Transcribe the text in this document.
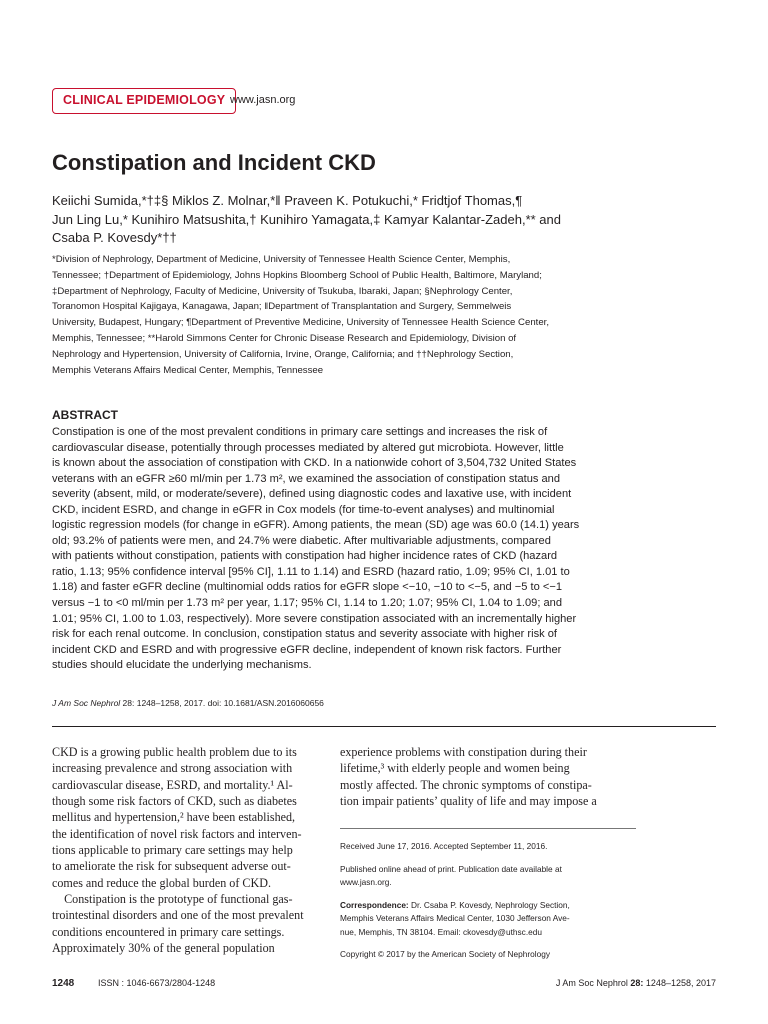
CLINICAL EPIDEMIOLOGY www.jasn.org
Constipation and Incident CKD
Keiichi Sumida,*†‡§ Miklos Z. Molnar,*‖ Praveen K. Potukuchi,* Fridtjof Thomas,¶
Jun Ling Lu,* Kunihiro Matsushita,† Kunihiro Yamagata,‡ Kamyar Kalantar-Zadeh,** and
Csaba P. Kovesdy*††
*Division of Nephrology, Department of Medicine, University of Tennessee Health Science Center, Memphis,
Tennessee; †Department of Epidemiology, Johns Hopkins Bloomberg School of Public Health, Baltimore, Maryland;
‡Department of Nephrology, Faculty of Medicine, University of Tsukuba, Ibaraki, Japan; §Nephrology Center,
Toranomon Hospital Kajigaya, Kanagawa, Japan; ‖Department of Transplantation and Surgery, Semmelweis
University, Budapest, Hungary; ¶Department of Preventive Medicine, University of Tennessee Health Science Center,
Memphis, Tennessee; **Harold Simmons Center for Chronic Disease Research and Epidemiology, Division of
Nephrology and Hypertension, University of California, Irvine, Orange, California; and ††Nephrology Section,
Memphis Veterans Affairs Medical Center, Memphis, Tennessee
ABSTRACT
Constipation is one of the most prevalent conditions in primary care settings and increases the risk of
cardiovascular disease, potentially through processes mediated by altered gut microbiota. However, little
is known about the association of constipation with CKD. In a nationwide cohort of 3,504,732 United States
veterans with an eGFR ≥60 ml/min per 1.73 m², we examined the association of constipation status and
severity (absent, mild, or moderate/severe), defined using diagnostic codes and laxative use, with incident
CKD, incident ESRD, and change in eGFR in Cox models (for time-to-event analyses) and multinomial
logistic regression models (for change in eGFR). Among patients, the mean (SD) age was 60.0 (14.1) years
old; 93.2% of patients were men, and 24.7% were diabetic. After multivariable adjustments, compared
with patients without constipation, patients with constipation had higher incidence rates of CKD (hazard
ratio, 1.13; 95% confidence interval [95% CI], 1.11 to 1.14) and ESRD (hazard ratio, 1.09; 95% CI, 1.01 to
1.18) and faster eGFR decline (multinomial odds ratios for eGFR slope <−10, −10 to <−5, and −5 to <−1
versus −1 to <0 ml/min per 1.73 m² per year, 1.17; 95% CI, 1.14 to 1.20; 1.07; 95% CI, 1.04 to 1.09; and
1.01; 95% CI, 1.00 to 1.03, respectively). More severe constipation associated with an incrementally higher
risk for each renal outcome. In conclusion, constipation status and severity associate with higher risk of
incident CKD and ESRD and with progressive eGFR decline, independent of known risk factors. Further
studies should elucidate the underlying mechanisms.
J Am Soc Nephrol 28: 1248–1258, 2017. doi: 10.1681/ASN.2016060656
CKD is a growing public health problem due to its
increasing prevalence and strong association with
cardiovascular disease, ESRD, and mortality.¹ Al-
though some risk factors of CKD, such as diabetes
mellitus and hypertension,² have been established,
the identification of novel risk factors and interven-
tions applicable to primary care settings may help
to ameliorate the risk for subsequent adverse out-
comes and reduce the global burden of CKD.
 Constipation is the prototype of functional gas-
trointestinal disorders and one of the most prevalent
conditions encountered in primary care settings.
Approximately 30% of the general population
experience problems with constipation during their
lifetime,³ with elderly people and women being
mostly affected. The chronic symptoms of constipa-
tion impair patients’ quality of life and may impose a

Received June 17, 2016. Accepted September 11, 2016.

Published online ahead of print. Publication date available at
www.jasn.org.

Correspondence: Dr. Csaba P. Kovesdy, Nephrology Section,
Memphis Veterans Affairs Medical Center, 1030 Jefferson Ave-
nue, Memphis, TN 38104. Email: ckovesdy@uthsc.edu

Copyright © 2017 by the American Society of Nephrology

1248	ISSN : 1046-6673/2804-1248	J Am Soc Nephrol 28: 1248–1258, 2017
